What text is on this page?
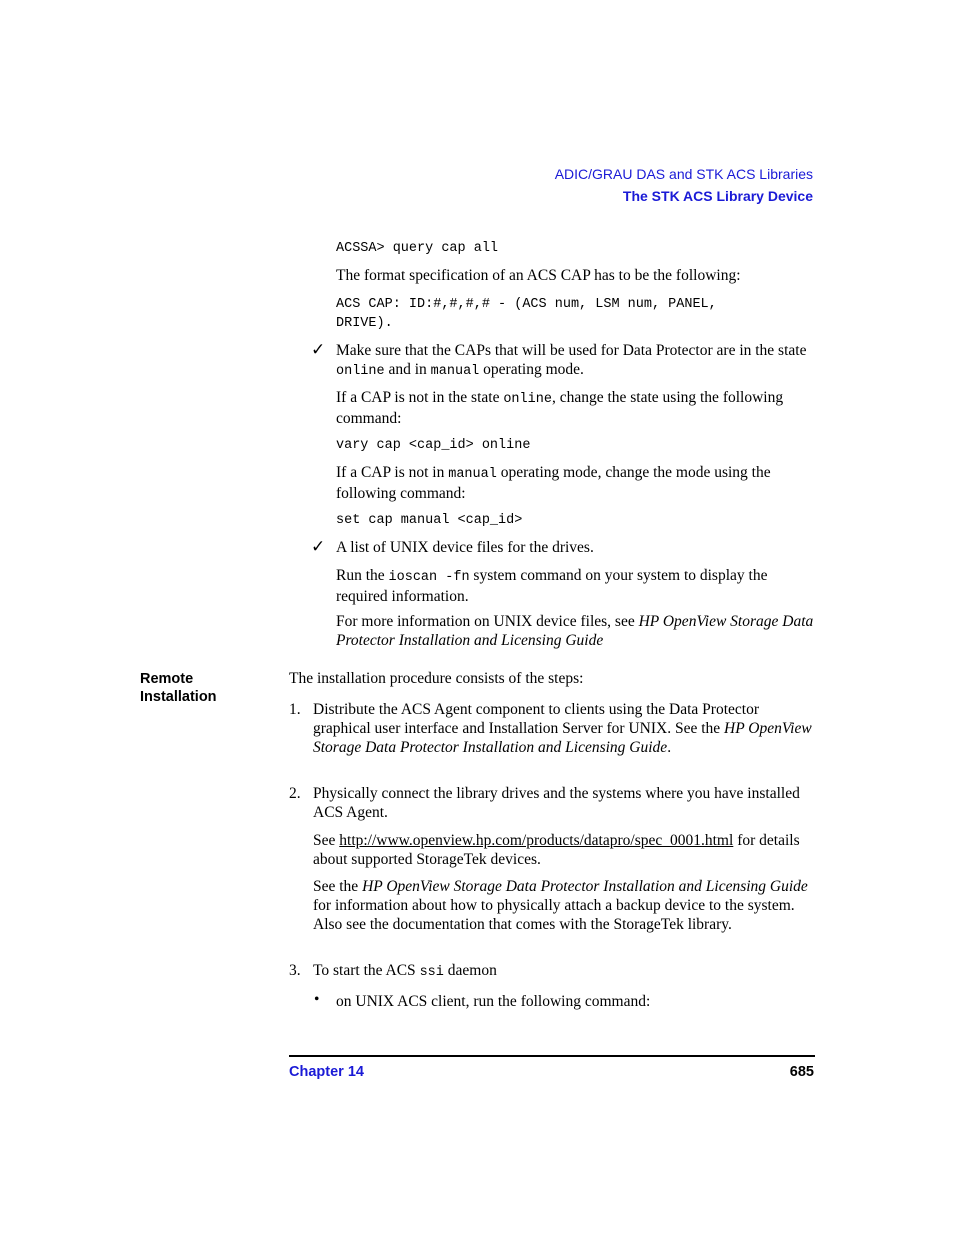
ADIC/GRAU DAS and STK ACS Libraries
The STK ACS Library Device
ACSSA> query cap all
The format specification of an ACS CAP has to be the following:
ACS CAP: ID:#,#,#,# - (ACS num, LSM num, PANEL,
DRIVE).
✓ Make sure that the CAPs that will be used for Data Protector are in the state online and in manual operating mode.
If a CAP is not in the state online, change the state using the following command:
vary cap <cap_id> online
If a CAP is not in manual operating mode, change the mode using the following command:
set cap manual <cap_id>
✓ A list of UNIX device files for the drives.
Run the ioscan -fn system command on your system to display the required information.
For more information on UNIX device files, see HP OpenView Storage Data Protector Installation and Licensing Guide
Remote
Installation
The installation procedure consists of the steps:
1. Distribute the ACS Agent component to clients using the Data Protector graphical user interface and Installation Server for UNIX. See the HP OpenView Storage Data Protector Installation and Licensing Guide.
2. Physically connect the library drives and the systems where you have installed ACS Agent.
See http://www.openview.hp.com/products/datapro/spec_0001.html for details about supported StorageTek devices.
See the HP OpenView Storage Data Protector Installation and Licensing Guide for information about how to physically attach a backup device to the system. Also see the documentation that comes with the StorageTek library.
3. To start the ACS ssi daemon
• on UNIX ACS client, run the following command:
Chapter 14	685
